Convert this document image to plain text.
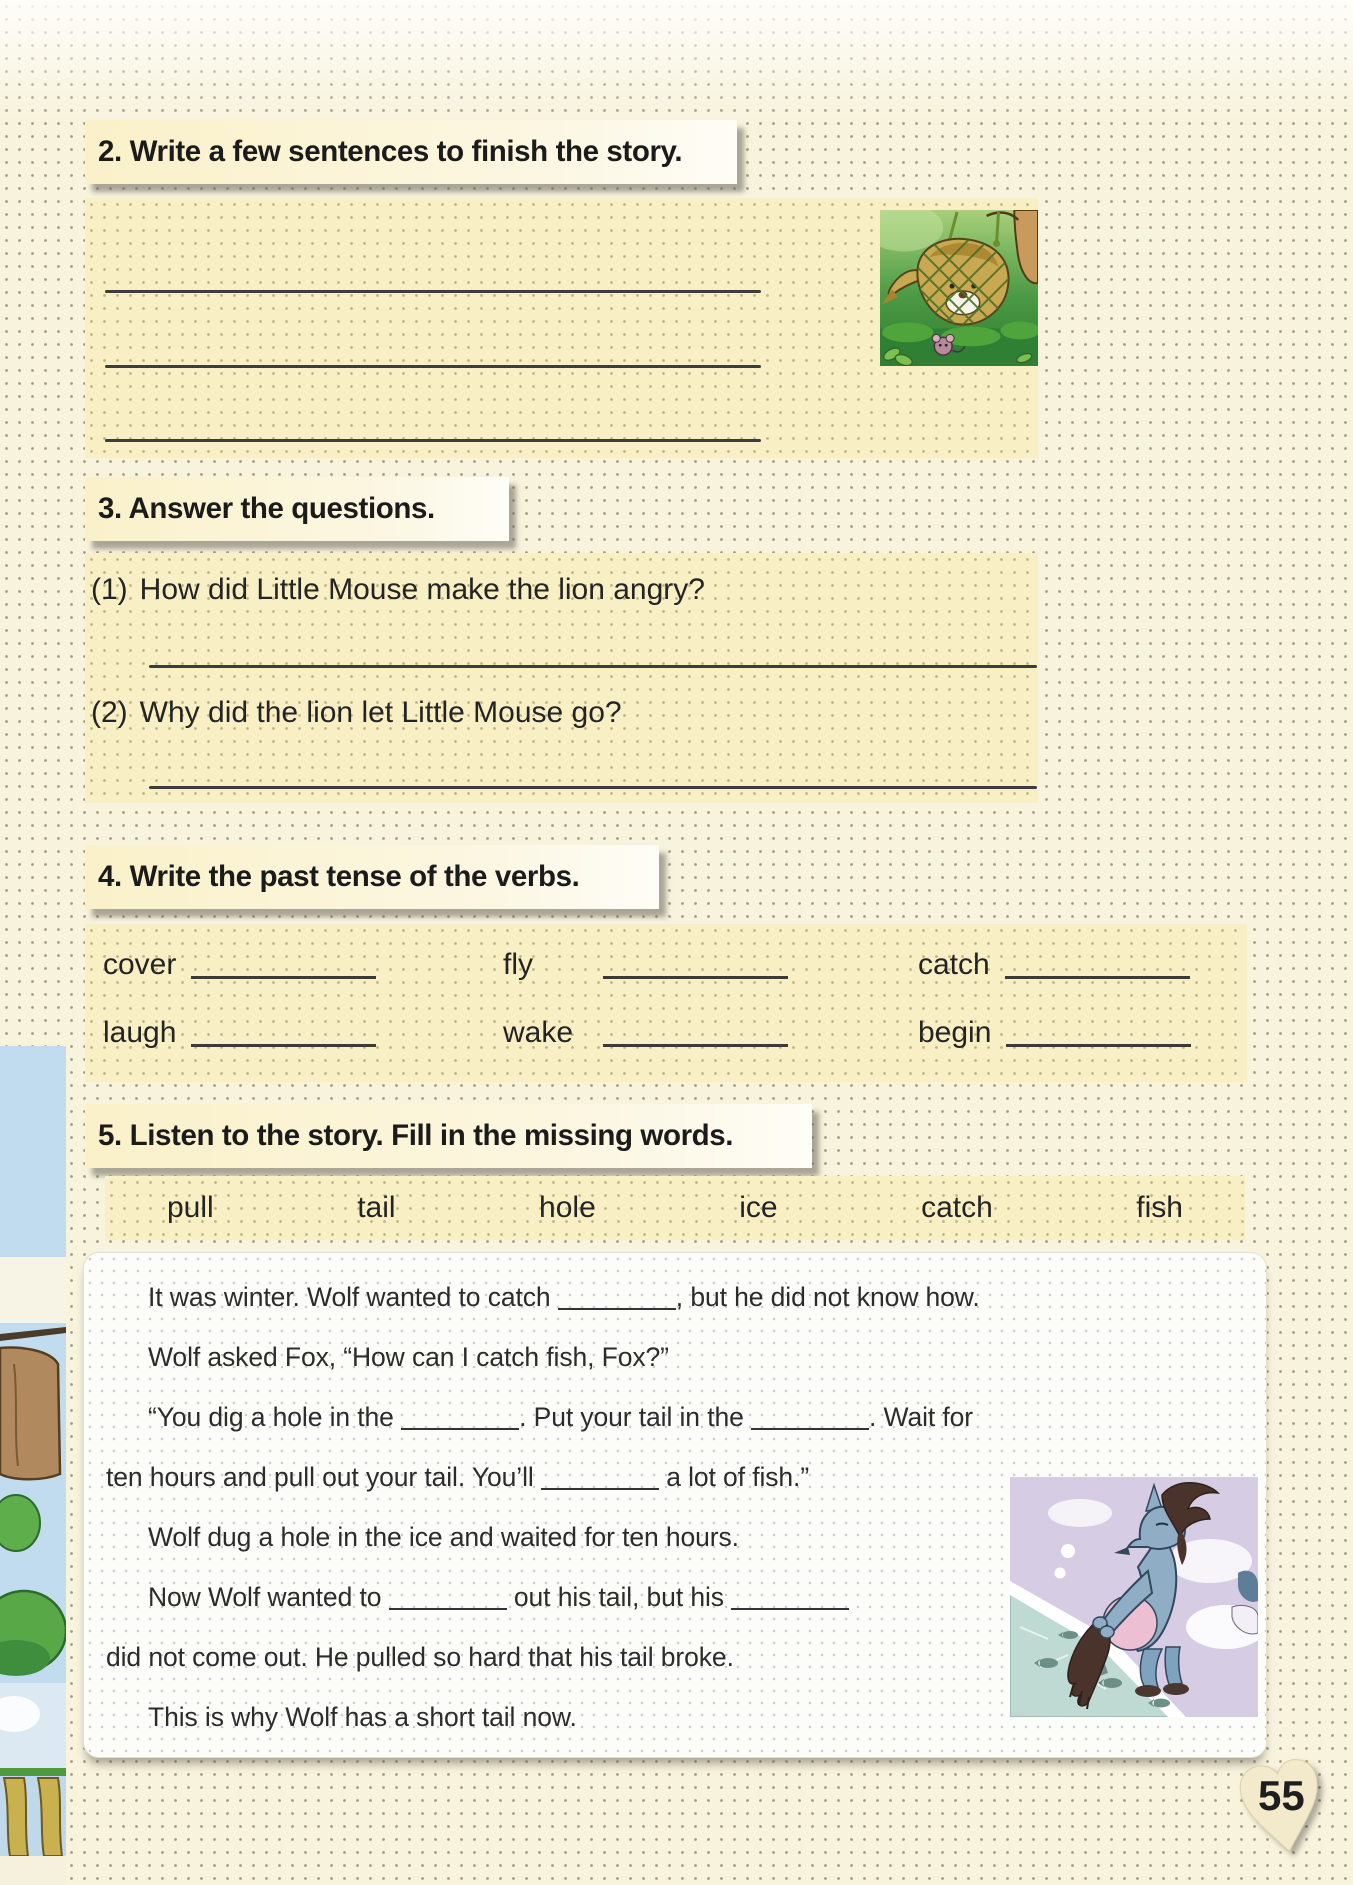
2. Write a few sentences to finish the story.
3. Answer the questions.
(1) How did Little Mouse make the lion angry?
(2) Why did the lion let Little Mouse go?
4. Write the past tense of the verbs.
cover	fly	catch
laugh	wake	begin
5. Listen to the story. Fill in the missing words.
pull	tail	hole	ice	catch	fish
It was winter. Wolf wanted to catch	, but he did not know how.
Wolf asked Fox, “How can I catch fish, Fox?”
“You dig a hole in the	. Put your tail in the	. Wait for
ten hours and pull out your tail. You’ll	a lot of fish.”
Wolf dug a hole in the ice and waited for ten hours.
Now Wolf wanted to	out his tail, but his
did not come out. He pulled so hard that his tail broke.
This is why Wolf has a short tail now.
55
